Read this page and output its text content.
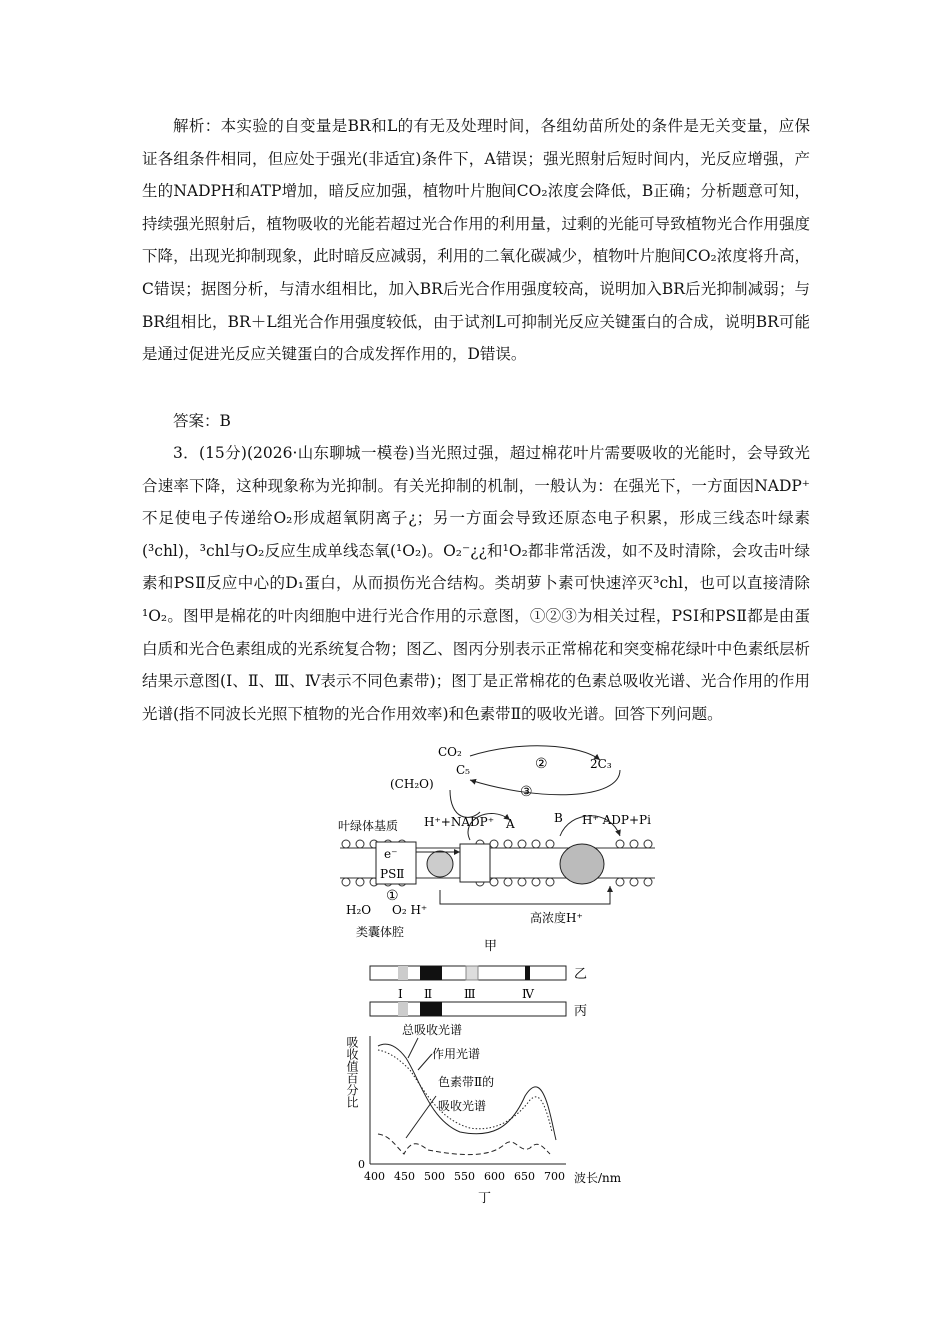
解析：本实验的自变量是BR和L的有无及处理时间，各组幼苗所处的条件是无关变量，应保证各组条件相同，但应处于强光(非适宜)条件下，A错误；强光照射后短时间内，光反应增强，产生的NADPH和ATP增加，暗反应加强，植物叶片胞间CO₂浓度会降低，B正确；分析题意可知，持续强光照射后，植物吸收的光能若超过光合作用的利用量，过剩的光能可导致植物光合作用强度下降，出现光抑制现象，此时暗反应减弱，利用的二氧化碳减少，植物叶片胞间CO₂浓度将升高，C错误；据图分析，与清水组相比，加入BR后光合作用强度较高，说明加入BR后光抑制减弱；与BR组相比，BR＋L组光合作用强度较低，由于试剂L可抑制光反应关键蛋白的合成，说明BR可能是通过促进光反应关键蛋白的合成发挥作用的，D错误。
答案：B
3．(15分)(2026·山东聊城一模卷)当光照过强，超过棉花叶片需要吸收的光能时，会导致光合速率下降，这种现象称为光抑制。有关光抑制的机制，一般认为：在强光下，一方面因NADP⁺不足使电子传递给O₂形成超氧阴离子¿；另一方面会导致还原态电子积累，形成三线态叶绿素(³chl)，³chl与O₂反应生成单线态氧(¹O₂)。O₂⁻¿¿和¹O₂都非常活泼，如不及时清除，会攻击叶绿素和PSⅡ反应中心的D₁蛋白，从而损伤光合结构。类胡萝卜素可快速淬灭³chl，也可以直接清除¹O₂。图甲是棉花的叶肉细胞中进行光合作用的示意图，①②③为相关过程，PSⅠ和PSⅡ都是由蛋白质和光合色素组成的光系统复合物；图乙、图丙分别表示正常棉花和突变棉花绿叶中色素纸层析结果示意图(Ⅰ、Ⅱ、Ⅲ、Ⅳ表示不同色素带)；图丁是正常棉花的色素总吸收光谱、光合作用的作用光谱(指不同波长光照下植物的光合作用效率)和色素带Ⅱ的吸收光谱。回答下列问题。
CO₂
C₅
(CH₂O)
2C₃
②
③
叶绿体基质 H⁺+NADP⁺ A	B H⁺ ADP+Pi
e⁻
PSⅡ
①
H₂O O₂ H⁺
类囊体腔
高浓度H⁺
甲
Ⅰ Ⅱ	Ⅲ	Ⅳ
乙
丙
0
吸收值百分比
波长/nm
400 450 500 550 600 650 700
总吸收光谱
作用光谱
色素带Ⅱ的
吸收光谱
丁
